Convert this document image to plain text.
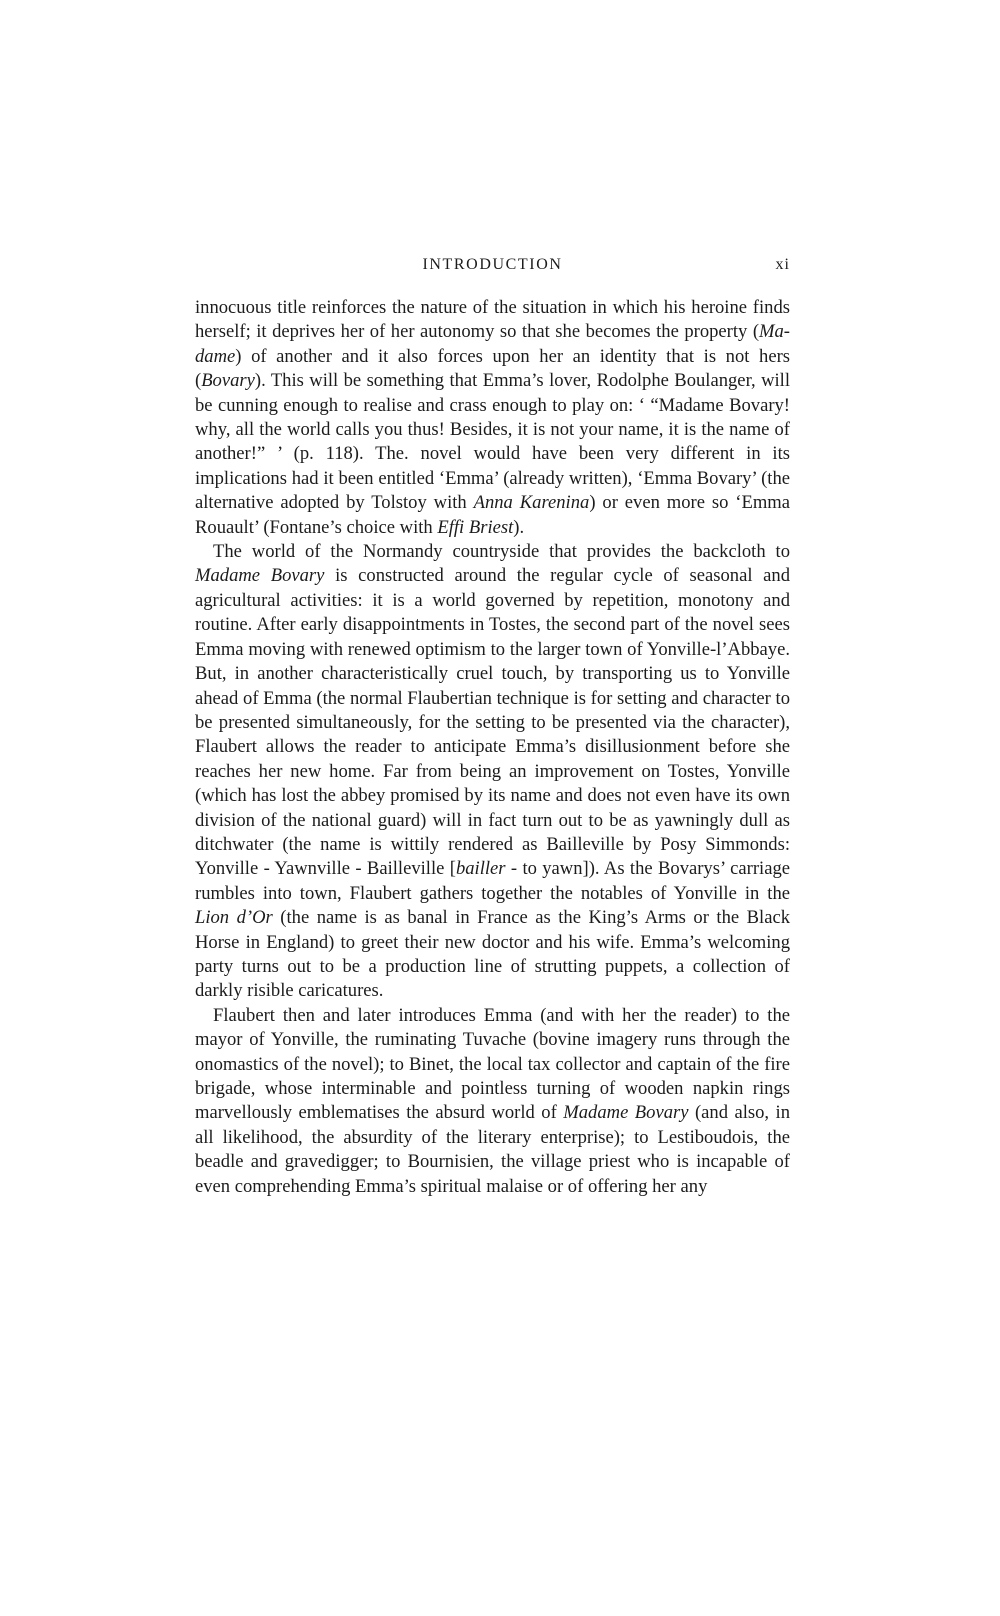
INTRODUCTION	xi

innocuous title reinforces the nature of the situation in which his heroine finds herself; it deprives her of her autonomy so that she becomes the property (Ma-dame) of another and it also forces upon her an identity that is not hers (Bovary). This will be something that Emma’s lover, Rodolphe Boulanger, will be cunning enough to realise and crass enough to play on: ‘ “Madame Bovary! why, all the world calls you thus! Besides, it is not your name, it is the name of another!” ’ (p. 118). The. novel would have been very different in its implications had it been entitled ‘Emma’ (already written), ‘Emma Bovary’ (the alternative adopted by Tolstoy with Anna Karenina) or even more so ‘Emma Rouault’ (Fontane’s choice with Effi Briest).

The world of the Normandy countryside that provides the backcloth to Madame Bovary is constructed around the regular cycle of seasonal and agricultural activities: it is a world governed by repetition, monotony and routine. After early disappointments in Tostes, the second part of the novel sees Emma moving with renewed optimism to the larger town of Yonville-l’Abbaye. But, in another characteristically cruel touch, by transporting us to Yonville ahead of Emma (the normal Flaubertian technique is for setting and character to be presented simultaneously, for the setting to be presented via the character), Flaubert allows the reader to anticipate Emma’s disillusionment before she reaches her new home. Far from being an improvement on Tostes, Yonville (which has lost the abbey promised by its name and does not even have its own division of the national guard) will in fact turn out to be as yawningly dull as ditchwater (the name is wittily rendered as Bailleville by Posy Simmonds: Yonville - Yawnville - Bailleville [bailler - to yawn]). As the Bovarys’ carriage rumbles into town, Flaubert gathers together the notables of Yonville in the Lion d’Or (the name is as banal in France as the King’s Arms or the Black Horse in England) to greet their new doctor and his wife. Emma’s welcoming party turns out to be a production line of strutting puppets, a collection of darkly risible caricatures.

Flaubert then and later introduces Emma (and with her the reader) to the mayor of Yonville, the ruminating Tuvache (bovine imagery runs through the onomastics of the novel); to Binet, the local tax collector and captain of the fire brigade, whose interminable and pointless turning of wooden napkin rings marvellously emblematises the absurd world of Madame Bovary (and also, in all likelihood, the absurdity of the literary enterprise); to Lestiboudois, the beadle and gravedigger; to Bournisien, the village priest who is incapable of even comprehending Emma’s spiritual malaise or of offering her any
